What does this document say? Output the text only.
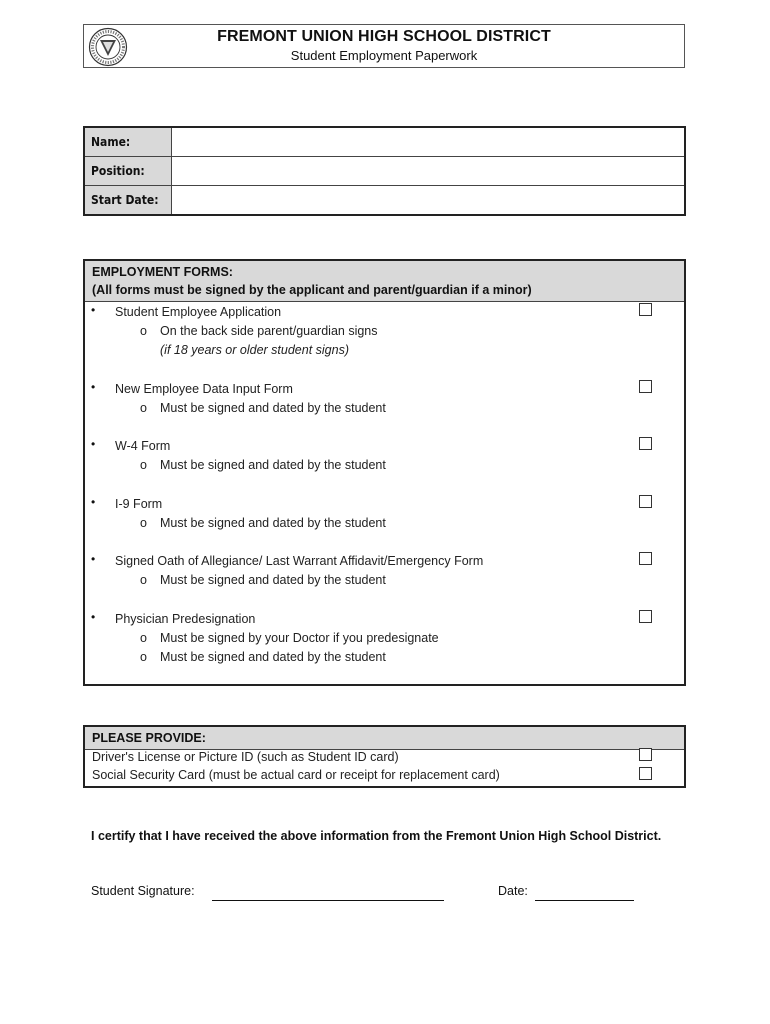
FREMONT UNION HIGH SCHOOL DISTRICT
Student Employment Paperwork
Name:	
Position:	
Start Date:	
EMPLOYMENT FORMS:
(All forms must be signed by the applicant and parent/guardian if a minor)
• Student Employee Application
o On the back side parent/guardian signs
(if 18 years or older student signs)
• New Employee Data Input Form
o Must be signed and dated by the student
• W-4 Form
o Must be signed and dated by the student
• I-9 Form
o Must be signed and dated by the student
• Signed Oath of Allegiance/ Last Warrant Affidavit/Emergency Form
o Must be signed and dated by the student
• Physician Predesignation
o Must be signed by your Doctor if you predesignate
o Must be signed and dated by the student
PLEASE PROVIDE:
Driver's License or Picture ID (such as Student ID card)
Social Security Card (must be actual card or receipt for replacement card)
I certify that I have received the above information from the Fremont Union High School District.
Student Signature:	Date:
